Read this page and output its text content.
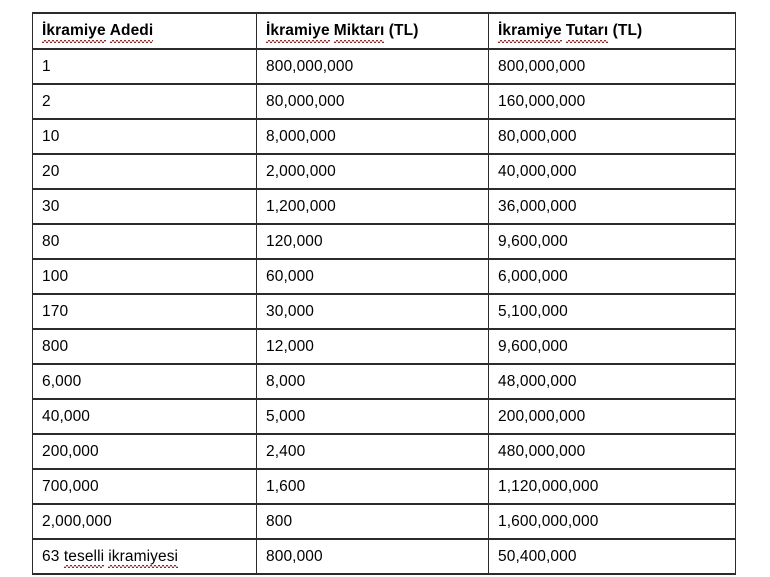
İkramiye Adedi	İkramiye Miktarı (TL)	İkramiye Tutarı (TL)
1	800,000,000	800,000,000
2	80,000,000	160,000,000
10	8,000,000	80,000,000
20	2,000,000	40,000,000
30	1,200,000	36,000,000
80	120,000	9,600,000
100	60,000	6,000,000
170	30,000	5,100,000
800	12,000	9,600,000
6,000	8,000	48,000,000
40,000	5,000	200,000,000
200,000	2,400	480,000,000
700,000	1,600	1,120,000,000
2,000,000	800	1,600,000,000
63 teselli ikramiyesi	800,000	50,400,000
